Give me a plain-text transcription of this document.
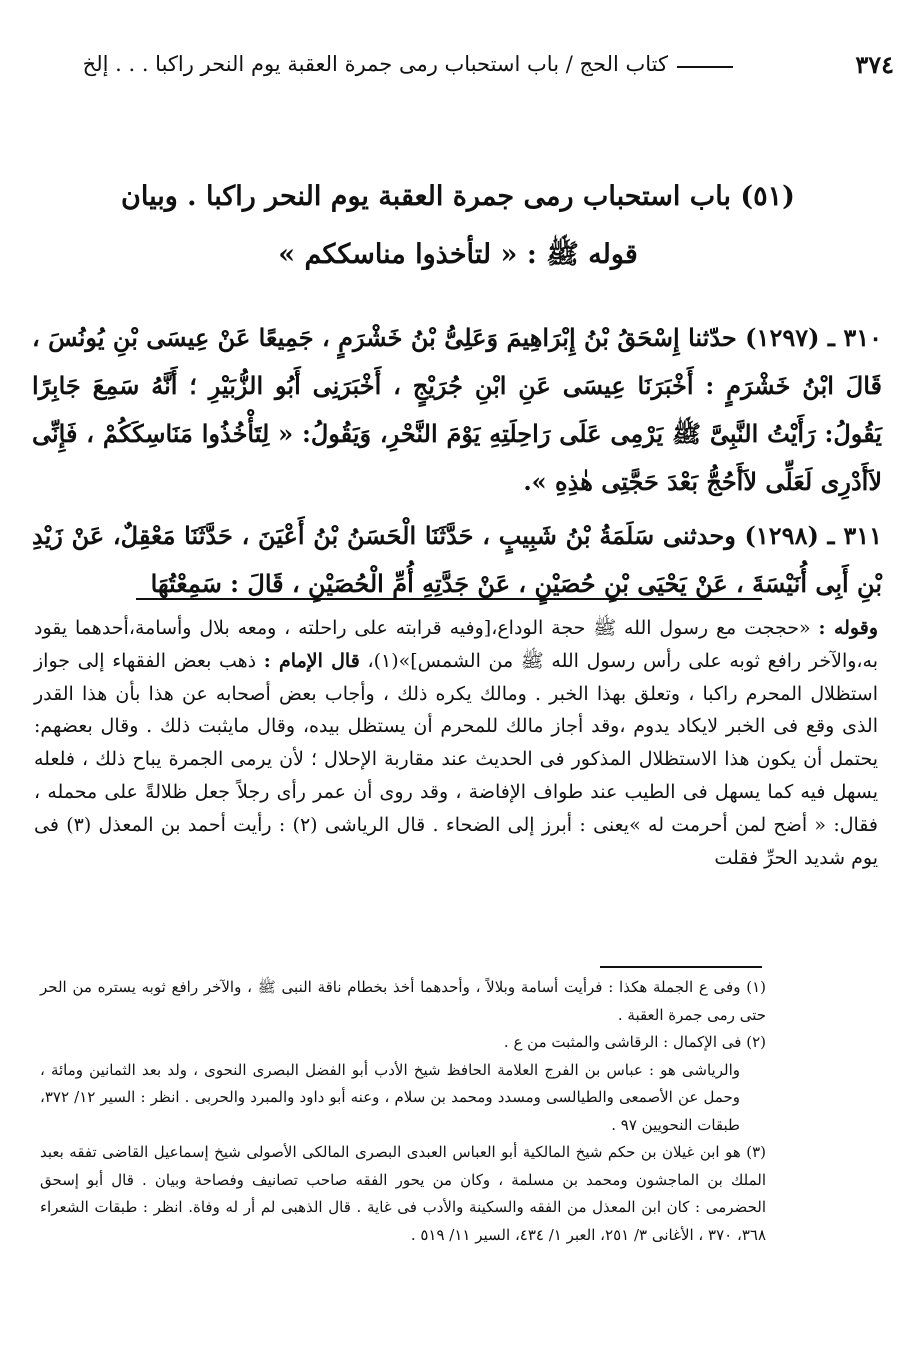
٣٧٤
كتاب الحج / باب استحباب رمى جمرة العقبة يوم النحر راكبا . . . إلخ
(٥١) باب استحباب رمى جمرة العقبة يوم النحر راكبا . وبيان
قوله ﷺ : « لتأخذوا مناسككم »

٣١٠ ـ (١٢٩٧) حدّثنا إِسْحَقُ بْنُ إِبْرَاهِيمَ وَعَلِىُّ بْنُ خَشْرَمٍ ، جَمِيعًا عَنْ عِيسَى بْنِ يُونُسَ ، قَالَ ابْنُ خَشْرَمٍ : أَخْبَرَنَا عِيسَى عَنِ ابْنِ جُرَيْجٍ ، أَخْبَرَنِى أَبُو الزُّبَيْرِ ؛ أَنَّهُ سَمِعَ جَابِرًا يَقُولُ: رَأَيْتُ النَّبِىَّ ﷺ يَرْمِى عَلَى رَاحِلَتِهِ يَوْمَ النَّحْرِ، وَيَقُولُ: « لِتَأْخُذُوا مَنَاسِكَكُمْ ، فَإِنِّى لاَأَدْرِى لَعَلِّى لاَأَحُجُّ بَعْدَ حَجَّتِى هٰذِهِ ».

٣١١ ـ (١٢٩٨) وحدثنى سَلَمَةُ بْنُ شَبِيبٍ ، حَدَّثَنَا الْحَسَنُ بْنُ أَعْيَنَ ، حَدَّثَنَا مَعْقِلٌ، عَنْ زَيْدِ بْنِ أَبِى أُنَيْسَةَ ، عَنْ يَحْيَى بْنِ حُصَيْنٍ ، عَنْ جَدَّتِهِ أُمِّ الْحُصَيْنِ ، قَالَ : سَمِعْتُهَا

وقوله : «حججت مع رسول الله ﷺ حجة الوداع،[وفيه قرابته على راحلته ، ومعه بلال وأسامة،أحدهما يقود به،والآخر رافع ثوبه على رأس رسول الله ﷺ من الشمس]»(١)، قال الإمام : ذهب بعض الفقهاء إلى جواز استظلال المحرم راكبا ، وتعلق بهذا الخبر . ومالك يكره ذلك ، وأجاب بعض أصحابه عن هذا بأن هذا القدر الذى وقع فى الخبر لايكاد يدوم ،وقد أجاز مالك للمحرم أن يستظل بيده، وقال مايثبت ذلك . وقال بعضهم: يحتمل أن يكون هذا الاستظلال المذكور فى الحديث عند مقاربة الإحلال ؛ لأن يرمى الجمرة يباح ذلك ، فلعله يسهل فيه كما يسهل فى الطيب عند طواف الإفاضة ، وقد روى أن عمر رأى رجلاً جعل ظلالةً على محمله ، فقال: « أضح لمن أحرمت له »يعنى : أبرز إلى الضحاء . قال الرياشى (٢) : رأيت أحمد بن المعذل (٣) فى يوم شديد الحرِّ فقلت

(١) وفى ع الجملة هكذا : فرأيت أسامة وبلالاً ، وأحدهما أخذ بخطام ناقة النبى ﷺ ، والآخر رافع ثوبه يستره من الحر حتى رمى جمرة العقبة .

(٢) فى الإكمال : الرقاشى والمثبت من ع .

والرياشى هو : عباس بن الفرج العلامة الحافظ شيخ الأدب أبو الفضل البصرى النحوى ، ولد بعد الثمانين ومائة ، وحمل عن الأصمعى والطيالسى ومسدد ومحمد بن سلام ، وعنه أبو داود والمبرد والحربى . انظر : السير ١٢/ ٣٧٢، طبقات النحويين ٩٧ .

(٣) هو ابن غيلان بن حكم شيخ المالكية أبو العباس العبدى البصرى المالكى الأصولى شيخ إسماعيل القاضى تفقه بعبد الملك بن الماجشون ومحمد بن مسلمة ، وكان من يحور الفقه صاحب تصانيف وفصاحة وبيان . قال أبو إسحق الحضرمى : كان ابن المعذل من الفقه والسكينة والأدب فى غاية . قال الذهبى لم أر له وفاة. انظر : طبقات الشعراء ٣٦٨، ٣٧٠ ، الأغانى ٣/ ٢٥١، العبر ١/ ٤٣٤، السير ١١/ ٥١٩ .
